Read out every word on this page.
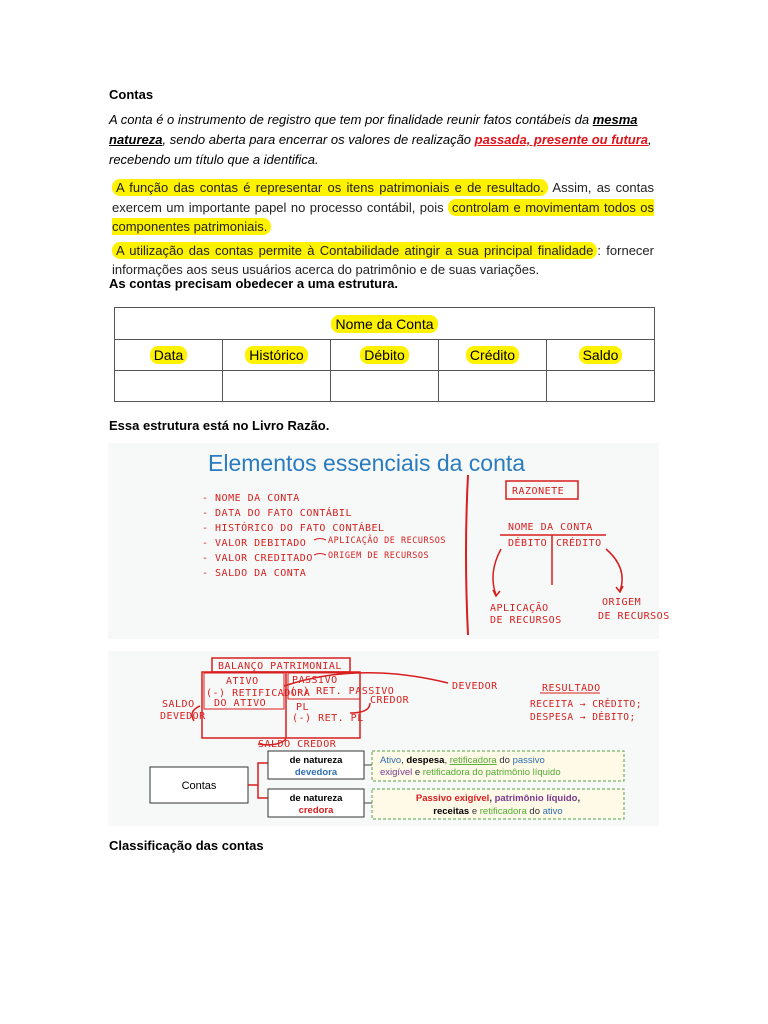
Contas
A conta é o instrumento de registro que tem por finalidade reunir fatos contábeis da mesma
natureza, sendo aberta para encerrar os valores de realização passada, presente ou futura,
recebendo um título que a identifica.
A função das contas é representar os itens patrimoniais e de resultado. Assim, as contas exercem um importante papel no processo contábil, pois controlam e movimentam todos os componentes patrimoniais.
A utilização das contas permite à Contabilidade atingir a sua principal finalidade : fornecer informações aos seus usuários acerca do patrimônio e de suas variações.
As contas precisam obedecer a uma estrutura.
Nome da Conta				
Data	Histórico	Débito	Crédito	Saldo

Essa estrutura está no Livro Razão.
Elementos essenciais da conta
- NOME DA CONTA
- DATA DO FATO CONTÁBIL
- HISTÓRICO DO FATO CONTÁBEL
- VALOR DEBITADO
- VALOR CREDITADO
- SALDO DA CONTA
APLICAÇÃO DE RECURSOS
ORIGEM DE RECURSOS
RAZONETE
NOME DA CONTA
DÉBITO CRÉDITO
APLICAÇÃO
DE RECURSOS
ORIGEM
DE RECURSOS
BALANÇO PATRIMONIAL
ATIVO
(-) RETIFICADORA
DO ATIVO
PASSIVO
(-) RET. PASSIVO
PL
(-) RET. PL
SALDO
DEVEDOR
CREDOR
DEVEDOR
SALDO CREDOR
RESULTADO
RECEITA → CRÉDITO;
DESPESA → DÉBITO;
Contas
de natureza
devedora
Ativo, despesa, retificadora do passivo
exigível e retificadora do patrimônio líquido
de natureza
credora
Passivo exigível, patrimônio líquido,
receitas e retificadora do ativo
Classificação das contas
